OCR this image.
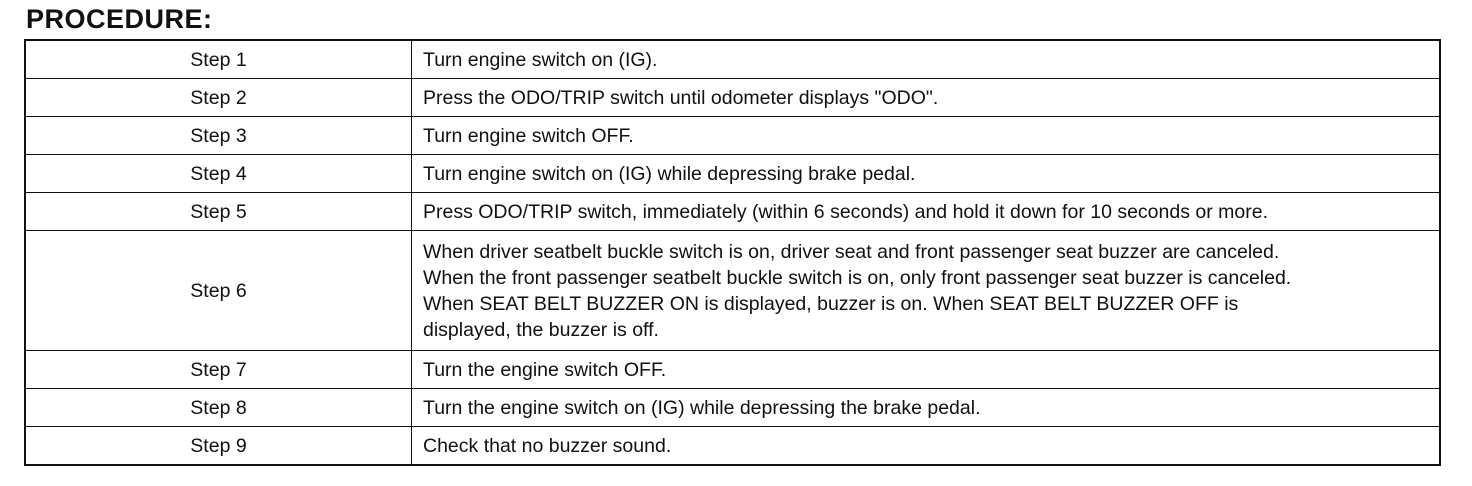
PROCEDURE:
Step 1	Turn engine switch on (IG).

Step 2	Press the ODO/TRIP switch until odometer displays "ODO".

Step 3	Turn engine switch OFF.

Step 4	Turn engine switch on (IG) while depressing brake pedal.

Step 5	Press ODO/TRIP switch, immediately (within 6 seconds) and hold it down for 10 seconds or more.

Step 6	When driver seatbelt buckle switch is on, driver seat and front passenger seat buzzer are canceled.
When the front passenger seatbelt buckle switch is on, only front passenger seat buzzer is canceled.
When SEAT BELT BUZZER ON is displayed, buzzer is on. When SEAT BELT BUZZER OFF is
displayed, the buzzer is off.

Step 7	Turn the engine switch OFF.

Step 8	Turn the engine switch on (IG) while depressing the brake pedal.

Step 9	Check that no buzzer sound.
